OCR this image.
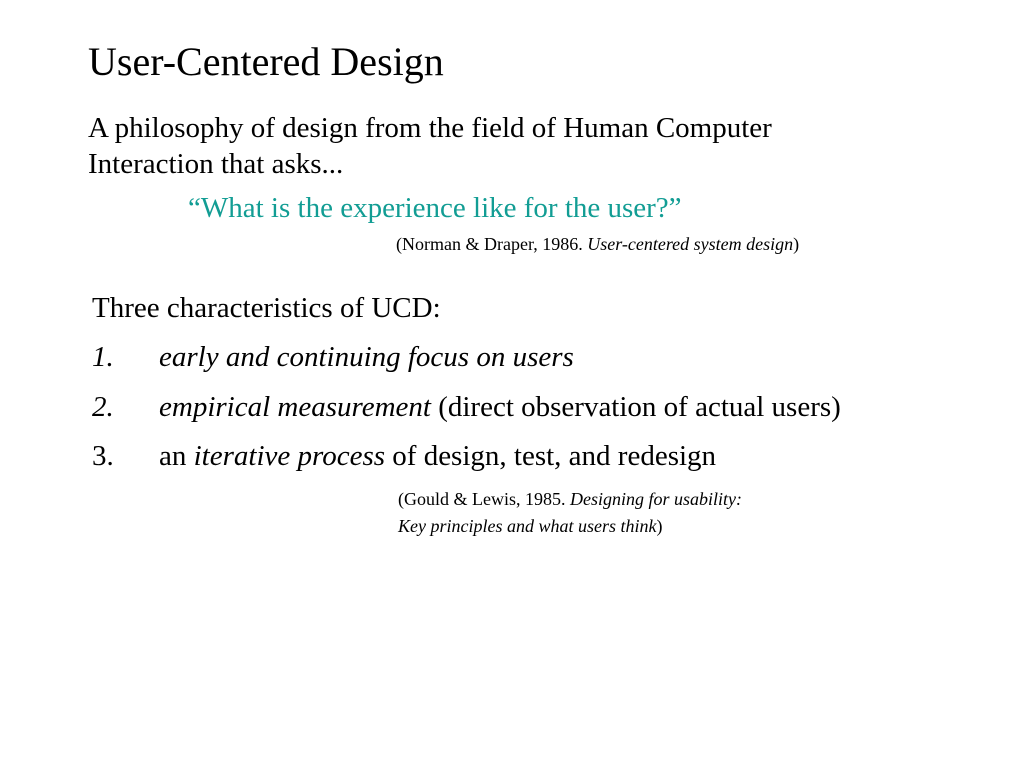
User-Centered Design

A philosophy of design from the field of Human Computer
Interaction that asks...

“What is the experience like for the user?”
(Norman & Draper, 1986. User-centered system design)
Three characteristics of UCD:
1. early and continuing focus on users
2. empirical measurement (direct observation of actual users)
3. an iterative process of design, test, and redesign
(Gould & Lewis, 1985. Designing for usability:
Key principles and what users think)
